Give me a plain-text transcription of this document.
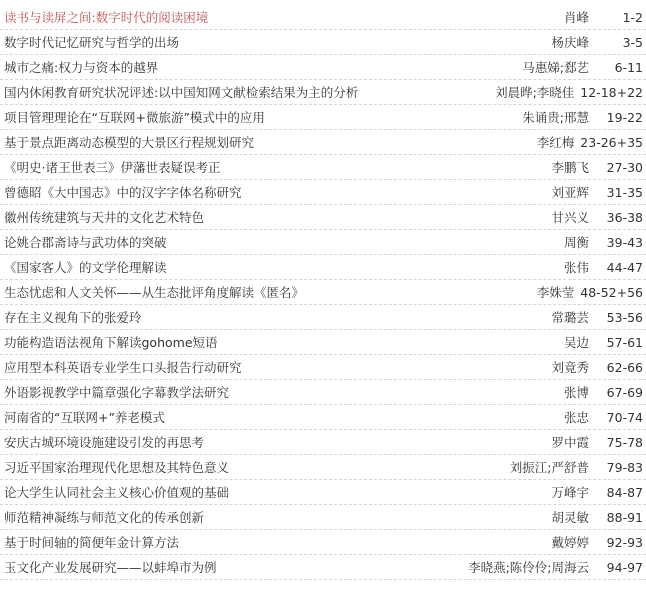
读书与读屏之间:数字时代的阅读困境	肖峰	1-2
数字时代记忆研究与哲学的出场	杨庆峰	3-5
城市之痛:权力与资本的越界	马惠娣;郄艺	6-11
国内休闲教育研究状况评述:以中国知网文献检索结果为主的分析	刘晨晔;李晓佳 12-18+22
项目管理理论在“互联网+微旅游”模式中的应用	朱诵贵;邢慧	19-22
基于景点距离动态模型的大景区行程规划研究	李红梅 23-26+35
《明史·诸王世表三》伊藩世表疑误考正	李鹏飞	27-30
曾德昭《大中国志》中的汉字字体名称研究	刘亚辉	31-35
徽州传统建筑与天井的文化艺术特色	甘兴义	36-38
论姚合郡斋诗与武功体的突破	周衡	39-43
《国家客人》的文学伦理解读	张伟	44-47
生态忧虑和人文关怀——从生态批评角度解读《匿名》	李姝莹 48-52+56
存在主义视角下的张爱玲	常璐芸	53-56
功能构造语法视角下解读gohome短语	吴边	57-61
应用型本科英语专业学生口头报告行动研究	刘竟秀	62-66
外语影视教学中篇章强化字幕教学法研究	张博	67-69
河南省的“互联网+”养老模式	张忠	70-74
安庆古城环境设施建设引发的再思考	罗中霞	75-78
习近平国家治理现代化思想及其特色意义	刘振江;严舒普	79-83
论大学生认同社会主义核心价值观的基础	万峰宇	84-87
师范精神凝练与师范文化的传承创新	胡灵敏	88-91
基于时间轴的简便年金计算方法	戴婷婷	92-93
玉文化产业发展研究——以蚌埠市为例	李晓燕;陈伶伶;周海云	94-97
